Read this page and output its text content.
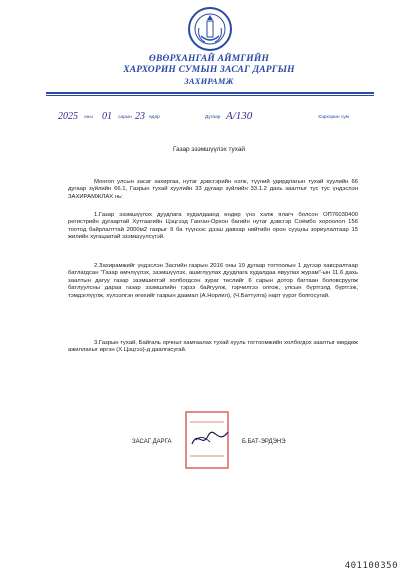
ӨВӨРХАНГАЙ АЙМГИЙН
ХАРХОРИН СУМЫН ЗАСАГ ДАРГЫН
ЗАХИРАМЖ
2025 оны 01 сарын 23 өдөр	Дугаар А/130	Хархорин сум
Газар эзэмшүүлэх тухай
Монгол улсын засаг захиргаа, нутаг дэвсгэрийн нэгж, түүний удирдлагын тухай хуулийн 66 дугаар зүйлийн 66.1, Газрын тухай хуулийн 33 дугаар зүйлийн 33.1.2 дахь заалтыг тус тус үндэслэн ЗАХИРАМЖЛАХ нь:
1.Газар эзэмшүүлэх дуудлага худалдаанд өндөр үнэ хэлж ялагч болсон ОП76030400 регистрийн дугаартай Хутгаагийн Цэцгээд Ганган-Орхон багийн нутаг дэвсгэр Соёмбо хороолол 156 тоотод байрлалттай 2000м2 газрыг 9 ба түүнээс дээш давхар нийтийн орон сууцны зориулалтаар 15 жилийн хугацаатай эзэмшүүлсүгэй.
2.Захирамжийг үндэслэн Засгийн газрын 2016 оны 10 дугаар тогтоолын 1 дүгээр хавсралтаар батлагдсан "Газар өмчлүүлэх, эзэмшүүлэх, ашиглуулах дуудлага худалдаа явуулах журам"-ын 11.6 дахь заалтын дагуу газар эзэмшихтэй холбогдсон зураг төслийг 6 сарын дотор багтаан боловсруулж батлуулсны дараа газар эзэмшлийн гэрээ байгуулж, гэрчилгээ олгож, улсын бүртгэлд бүртгэж, тэмдэглүүлж, хүлээлгэн өгөхийг газрын даамал (А.Норлил), (Ч.Баттулга) нарт үүрэг болгосугай.
3.Газрын тухай, Байгаль орчныг хамгаалах тухай хууль тогтоомжийн холбогдох заалтыг мөрдөж ажиллахыг иргэн (Х.Цэцгээ)-д даалгасугай.
ЗАСАГ ДАРГА	Б.БАТ-ЭРДЭНЭ
401100350
